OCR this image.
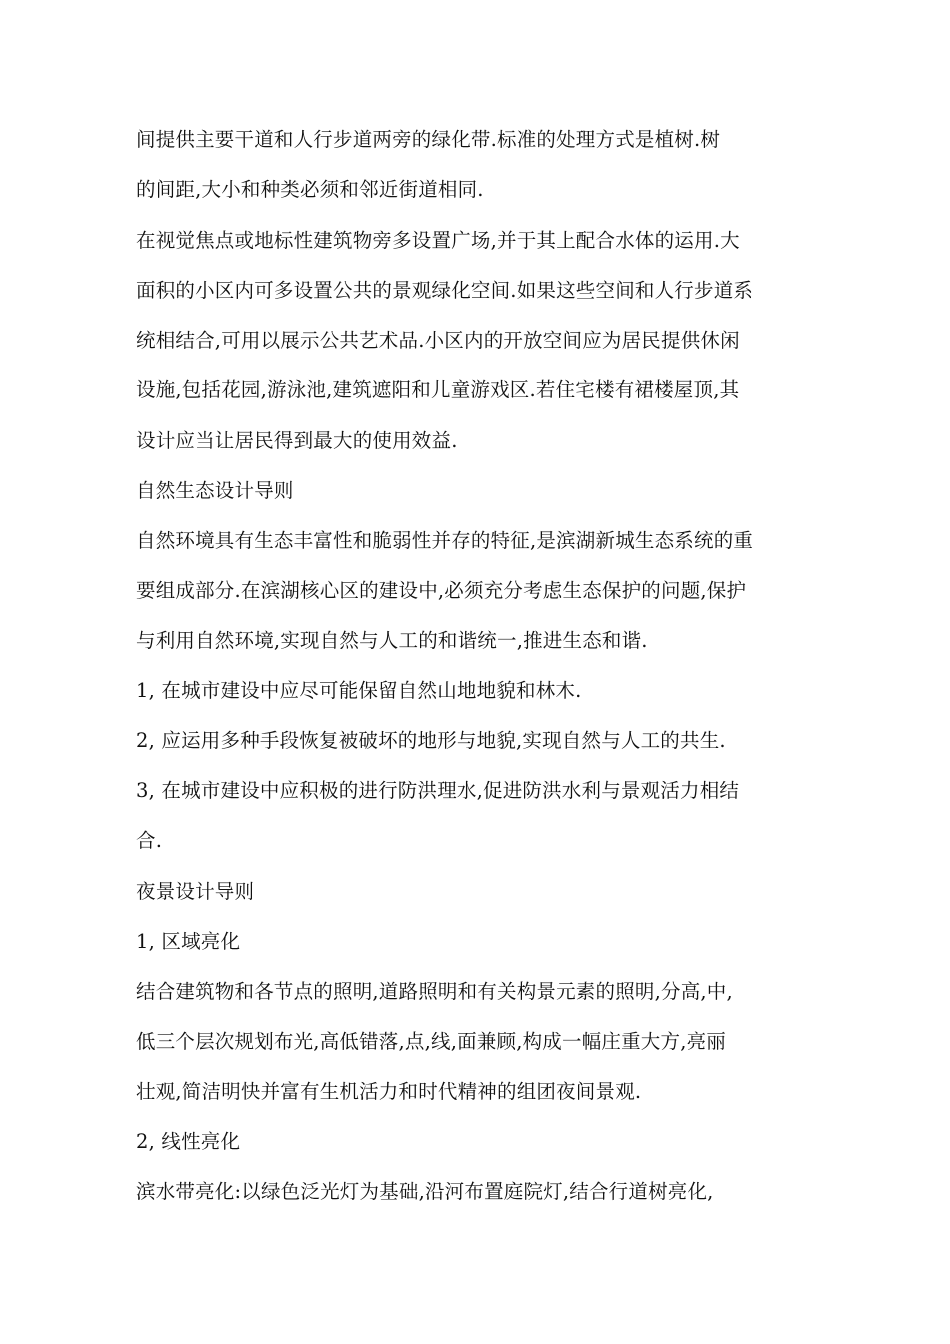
间提供主要干道和人行步道两旁的绿化带.标准的处理方式是植树.树
的间距,大小和种类必须和邻近街道相同.
在视觉焦点或地标性建筑物旁多设置广场,并于其上配合水体的运用.大
面积的小区内可多设置公共的景观绿化空间.如果这些空间和人行步道系
统相结合,可用以展示公共艺术品.小区内的开放空间应为居民提供休闲
设施,包括花园,游泳池,建筑遮阳和儿童游戏区.若住宅楼有裙楼屋顶,其
设计应当让居民得到最大的使用效益.
自然生态设计导则
自然环境具有生态丰富性和脆弱性并存的特征,是滨湖新城生态系统的重
要组成部分.在滨湖核心区的建设中,必须充分考虑生态保护的问题,保护
与利用自然环境,实现自然与人工的和谐统一,推进生态和谐.
1, 在城市建设中应尽可能保留自然山地地貌和林木.
2, 应运用多种手段恢复被破坏的地形与地貌,实现自然与人工的共生.
3, 在城市建设中应积极的进行防洪理水,促进防洪水利与景观活力相结
合.
夜景设计导则
1, 区域亮化
结合建筑物和各节点的照明,道路照明和有关构景元素的照明,分高,中,
低三个层次规划布光,高低错落,点,线,面兼顾,构成一幅庄重大方,亮丽
壮观,简洁明快并富有生机活力和时代精神的组团夜间景观.
2, 线性亮化
滨水带亮化:以绿色泛光灯为基础,沿河布置庭院灯,结合行道树亮化,
